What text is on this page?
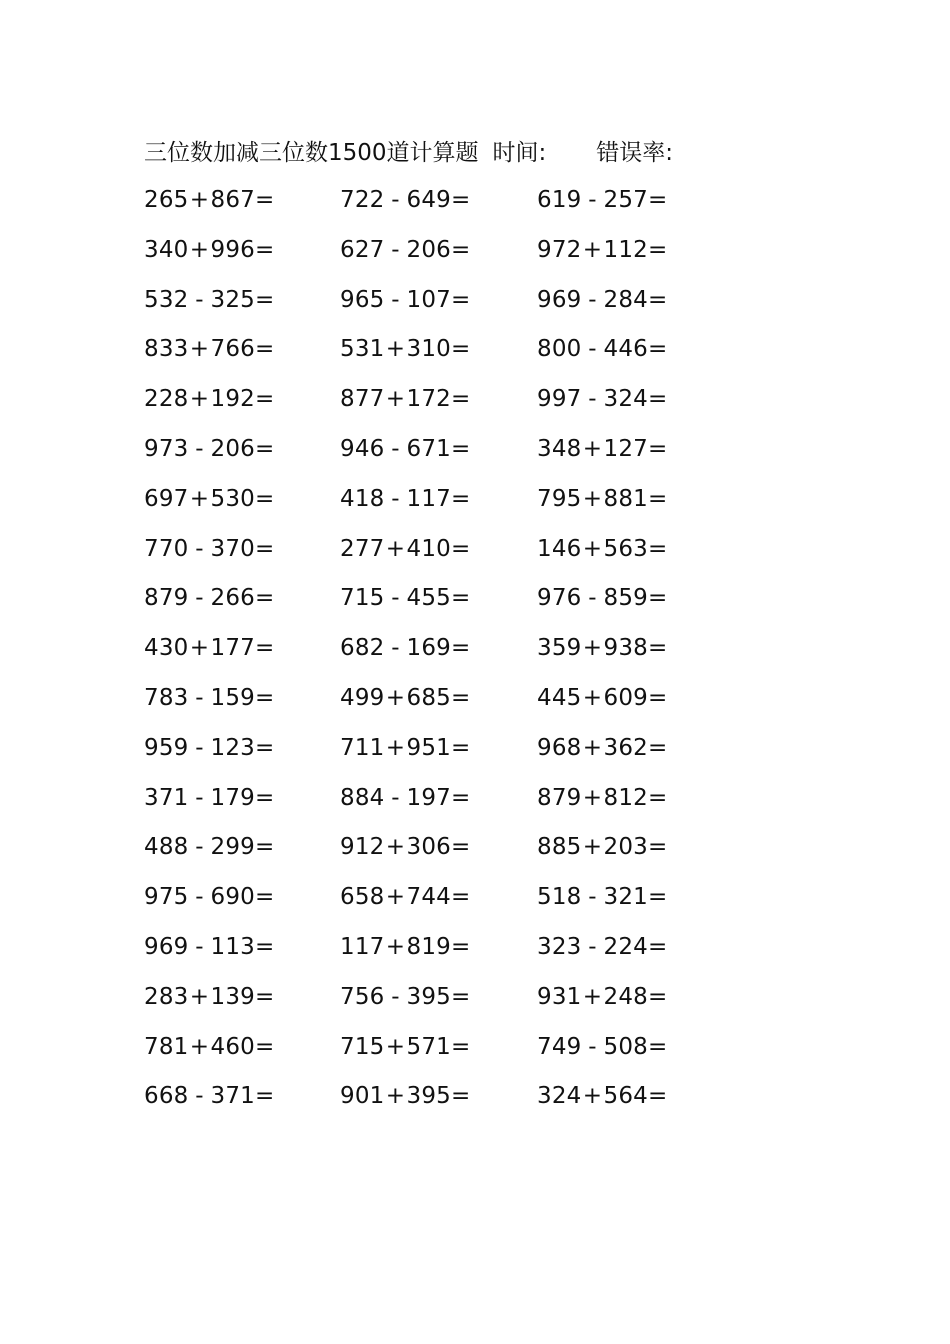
三位数加减三位数1500道计算题 时间: 错误率:
265+867=	722 - 649=	619 - 257=
340+996=	627 - 206=	972+112=
532 - 325=	965 - 107=	969 - 284=
833+766=	531+310=	800 - 446=
228+192=	877+172=	997 - 324=
973 - 206=	946 - 671=	348+127=
697+530=	418 - 117=	795+881=
770 - 370=	277+410=	146+563=
879 - 266=	715 - 455=	976 - 859=
430+177=	682 - 169=	359+938=
783 - 159=	499+685=	445+609=
959 - 123=	711+951=	968+362=
371 - 179=	884 - 197=	879+812=
488 - 299=	912+306=	885+203=
975 - 690=	658+744=	518 - 321=
969 - 113=	117+819=	323 - 224=
283+139=	756 - 395=	931+248=
781+460=	715+571=	749 - 508=
668 - 371=	901+395=	324+564=
